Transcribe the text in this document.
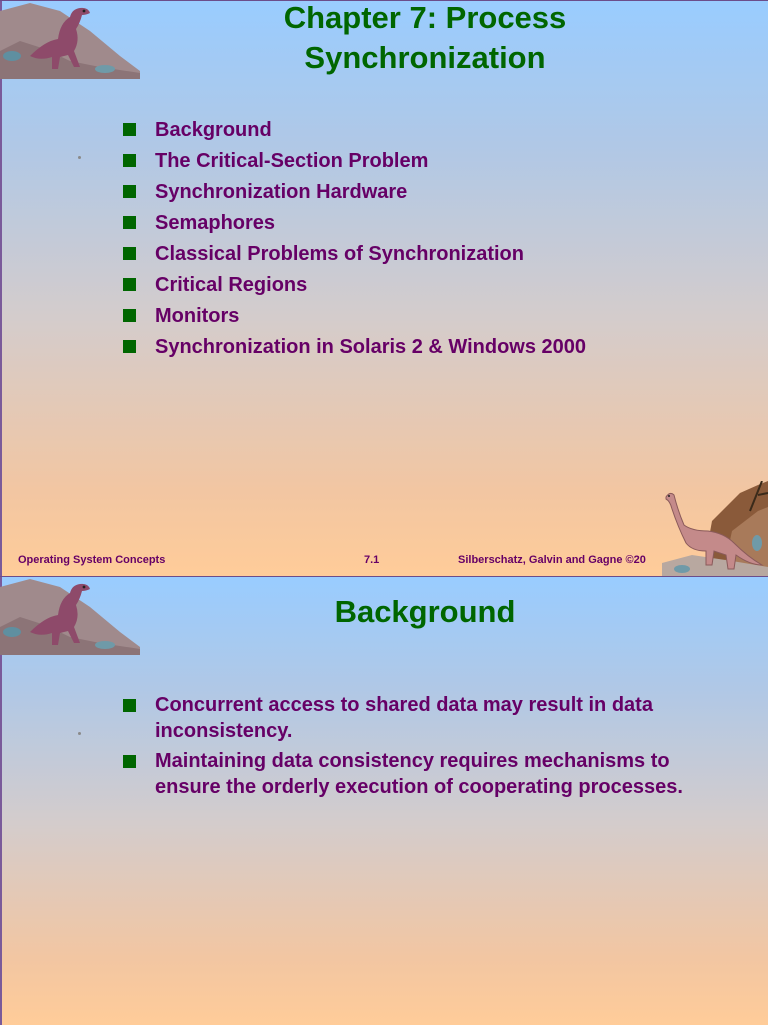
Chapter 7: Process
Synchronization
Background
The Critical-Section Problem
Synchronization Hardware
Semaphores
Classical Problems of Synchronization
Critical Regions
Monitors
Synchronization in Solaris 2 & Windows 2000
Operating System Concepts	7.1	Silberschatz, Galvin and Gagne ©20
Background
Concurrent access to shared data may result in data inconsistency.
Maintaining data consistency requires mechanisms to ensure the orderly execution of cooperating processes.
